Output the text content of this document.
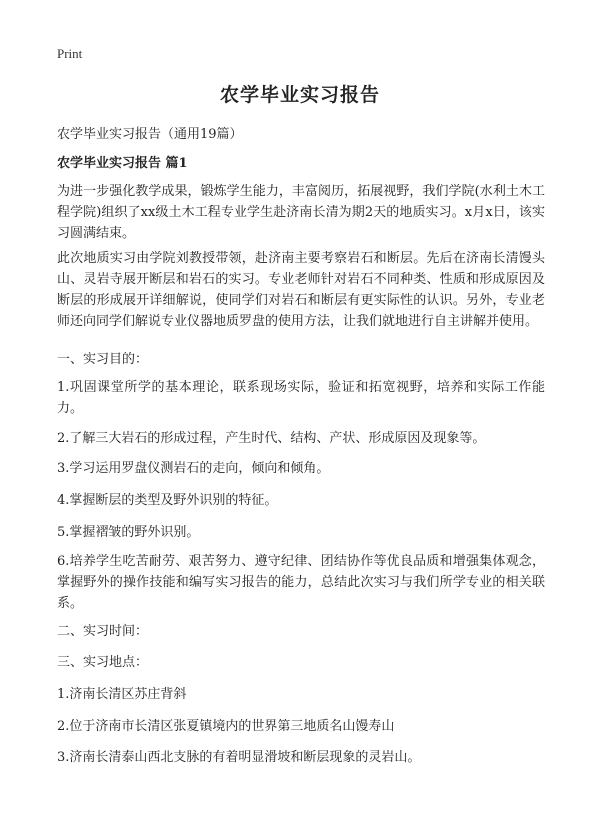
Print
农学毕业实习报告
农学毕业实习报告（通用19篇）
农学毕业实习报告 篇1

为进一步强化教学成果，锻炼学生能力，丰富阅历，拓展视野，我们学院(水利土木工程学院)组织了xx级土木工程专业学生赴济南长清为期2天的地质实习。x月x日，该实习圆满结束。

此次地质实习由学院刘教授带领，赴济南主要考察岩石和断层。先后在济南长清馒头山、灵岩寺展开断层和岩石的实习。专业老师针对岩石不同种类、性质和形成原因及断层的形成展开详细解说，使同学们对岩石和断层有更实际性的认识。另外，专业老师还向同学们解说专业仪器地质罗盘的使用方法，让我们就地进行自主讲解并使用。

一、实习目的：

1.巩固课堂所学的基本理论，联系现场实际，验证和拓宽视野，培养和实际工作能力。

2.了解三大岩石的形成过程，产生时代、结构、产状、形成原因及现象等。

3.学习运用罗盘仪测岩石的走向，倾向和倾角。

4.掌握断层的类型及野外识别的特征。

5.掌握褶皱的野外识别。

6.培养学生吃苦耐劳、艰苦努力、遵守纪律、团结协作等优良品质和增强集体观念，掌握野外的操作技能和编写实习报告的能力，总结此次实习与我们所学专业的相关联系。

二、实习时间：

三、实习地点：

1.济南长清区苏庄背斜

2.位于济南市长清区张夏镇境内的世界第三地质名山馒寿山

3.济南长清泰山西北支脉的有着明显滑坡和断层现象的灵岩山。
